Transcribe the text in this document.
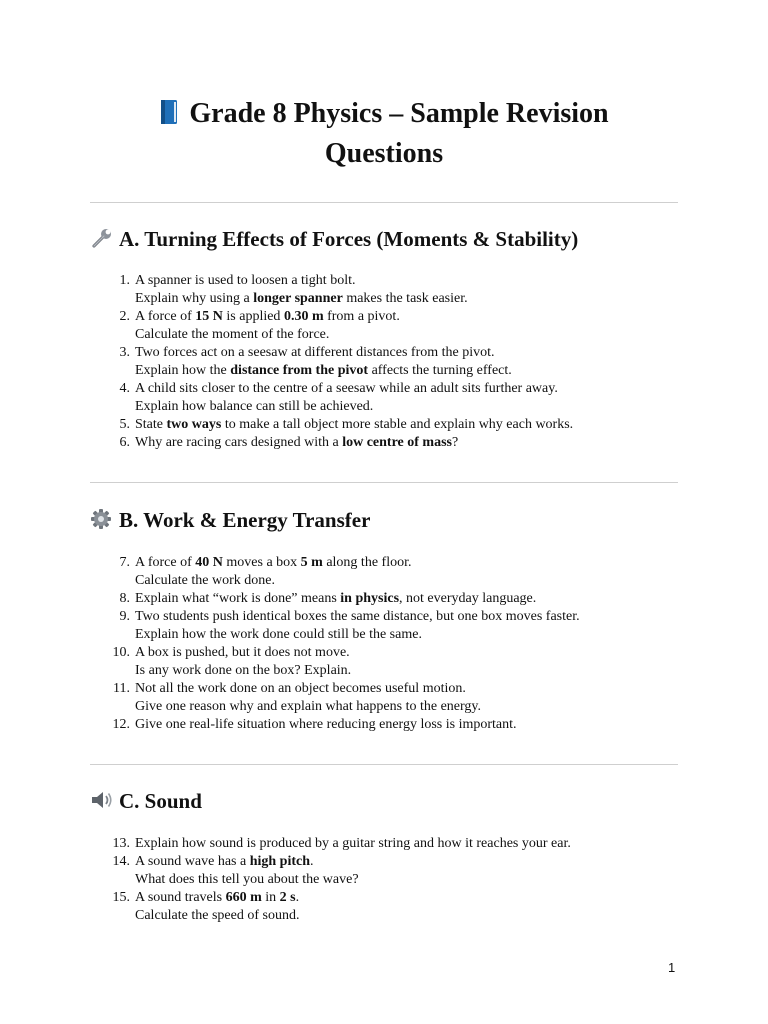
Grade 8 Physics – Sample Revision
Questions
A. Turning Effects of Forces (Moments & Stability)
1. A spanner is used to loosen a tight bolt.
Explain why using a longer spanner makes the task easier.
2. A force of 15 N is applied 0.30 m from a pivot.
Calculate the moment of the force.
3. Two forces act on a seesaw at different distances from the pivot.
Explain how the distance from the pivot affects the turning effect.
4. A child sits closer to the centre of a seesaw while an adult sits further away.
Explain how balance can still be achieved.
5. State two ways to make a tall object more stable and explain why each works.
6. Why are racing cars designed with a low centre of mass?
B. Work & Energy Transfer
7. A force of 40 N moves a box 5 m along the floor.
Calculate the work done.
8. Explain what “work is done” means in physics, not everyday language.
9. Two students push identical boxes the same distance, but one box moves faster.
Explain how the work done could still be the same.
10. A box is pushed, but it does not move.
Is any work done on the box? Explain.
11. Not all the work done on an object becomes useful motion.
Give one reason why and explain what happens to the energy.
12. Give one real-life situation where reducing energy loss is important.
C. Sound
13. Explain how sound is produced by a guitar string and how it reaches your ear.
14. A sound wave has a high pitch.
What does this tell you about the wave?
15. A sound travels 660 m in 2 s.
Calculate the speed of sound.
1
